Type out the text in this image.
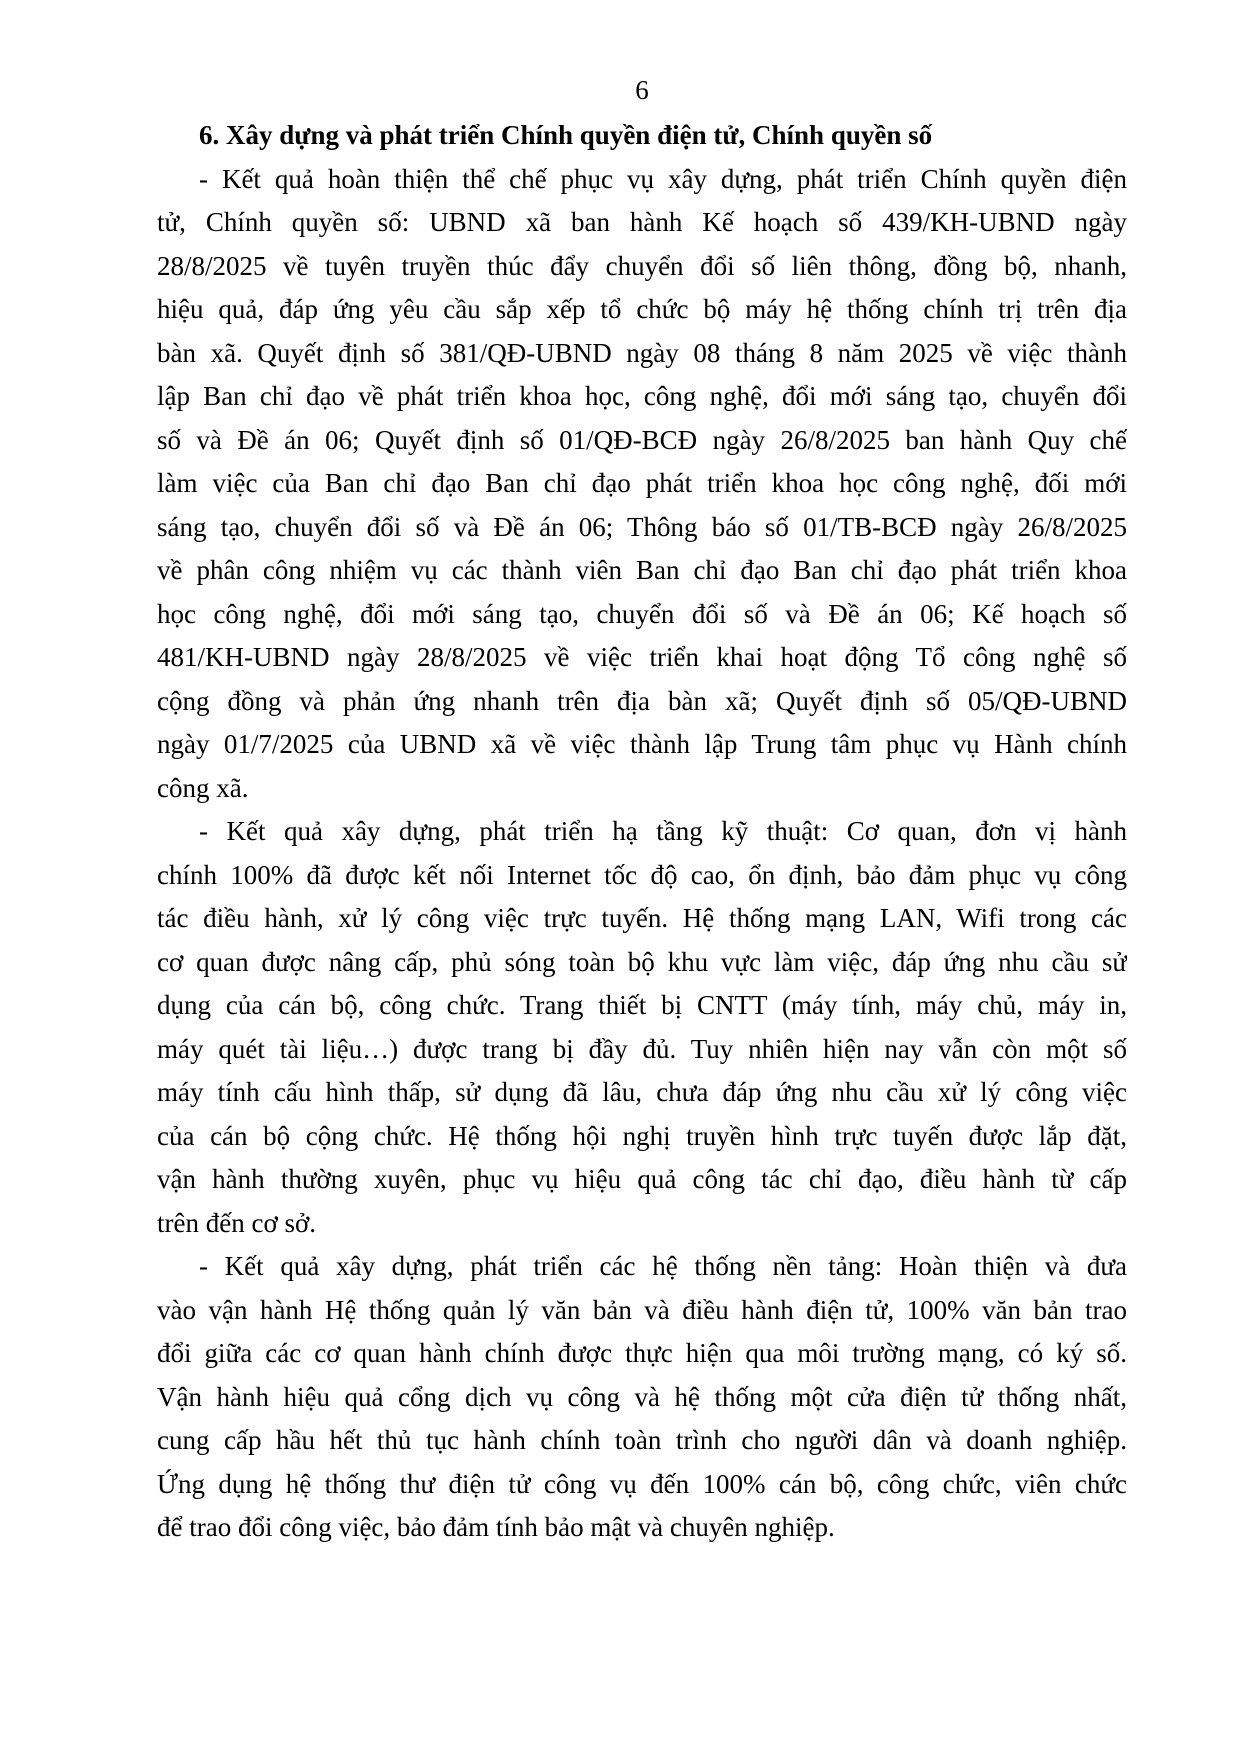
6
6. Xây dựng và phát triển Chính quyền điện tử, Chính quyền số
- Kết quả hoàn thiện thể chế phục vụ xây dựng, phát triển Chính quyền điện
tử, Chính quyền số: UBND xã ban hành Kế hoạch số 439/KH-UBND ngày
28/8/2025 về tuyên truyền thúc đẩy chuyển đổi số liên thông, đồng bộ, nhanh,
hiệu quả, đáp ứng yêu cầu sắp xếp tổ chức bộ máy hệ thống chính trị trên địa
bàn xã. Quyết định số 381/QĐ-UBND ngày 08 tháng 8 năm 2025 về việc thành
lập Ban chỉ đạo về phát triển khoa học, công nghệ, đổi mới sáng tạo, chuyển đổi
số và Đề án 06; Quyết định số 01/QĐ-BCĐ ngày 26/8/2025 ban hành Quy chế
làm việc của Ban chỉ đạo Ban chỉ đạo phát triển khoa học công nghệ, đối mới
sáng tạo, chuyển đổi số và Đề án 06; Thông báo số 01/TB-BCĐ ngày 26/8/2025
về phân công nhiệm vụ các thành viên Ban chỉ đạo Ban chỉ đạo phát triển khoa
học công nghệ, đổi mới sáng tạo, chuyển đổi số và Đề án 06; Kế hoạch số
481/KH-UBND ngày 28/8/2025 về việc triển khai hoạt động Tổ công nghệ số
cộng đồng và phản ứng nhanh trên địa bàn xã; Quyết định số 05/QĐ-UBND
ngày 01/7/2025 của UBND xã về việc thành lập Trung tâm phục vụ Hành chính
công xã.
- Kết quả xây dựng, phát triển hạ tầng kỹ thuật: Cơ quan, đơn vị hành
chính 100% đã được kết nối Internet tốc độ cao, ổn định, bảo đảm phục vụ công
tác điều hành, xử lý công việc trực tuyến. Hệ thống mạng LAN, Wifi trong các
cơ quan được nâng cấp, phủ sóng toàn bộ khu vực làm việc, đáp ứng nhu cầu sử
dụng của cán bộ, công chức. Trang thiết bị CNTT (máy tính, máy chủ, máy in,
máy quét tài liệu…) được trang bị đầy đủ. Tuy nhiên hiện nay vẫn còn một số
máy tính cấu hình thấp, sử dụng đã lâu, chưa đáp ứng nhu cầu xử lý công việc
của cán bộ cộng chức. Hệ thống hội nghị truyền hình trực tuyến được lắp đặt,
vận hành thường xuyên, phục vụ hiệu quả công tác chỉ đạo, điều hành từ cấp
trên đến cơ sở.
- Kết quả xây dựng, phát triển các hệ thống nền tảng: Hoàn thiện và đưa
vào vận hành Hệ thống quản lý văn bản và điều hành điện tử, 100% văn bản trao
đổi giữa các cơ quan hành chính được thực hiện qua môi trường mạng, có ký số.
Vận hành hiệu quả cổng dịch vụ công và hệ thống một cửa điện tử thống nhất,
cung cấp hầu hết thủ tục hành chính toàn trình cho người dân và doanh nghiệp.
Ứng dụng hệ thống thư điện tử công vụ đến 100% cán bộ, công chức, viên chức
để trao đổi công việc, bảo đảm tính bảo mật và chuyên nghiệp.
